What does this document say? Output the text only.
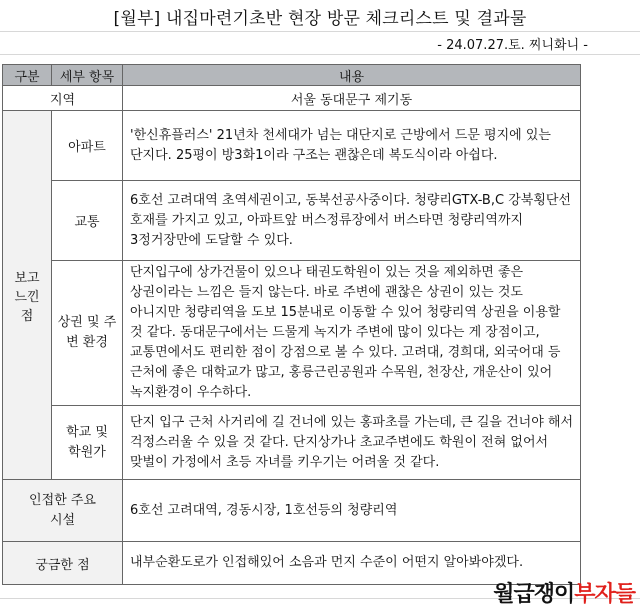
[월부] 내집마련기초반 현장 방문 체크리스트 및 결과물
- 24.07.27.토. 찌니화니 -
구분	세부 항목	내용
지역		서울 동대문구 제기동
보고 느낀 점	아파트	'한신휴플러스' 21년차 천세대가 넘는 대단지로 근방에서 드문 평지에 있는 단지다. 25평이 방3화1이라 구조는 괜찮은데 복도식이라 아쉽다.
	교통	6호선 고려대역 초역세권이고, 동북선공사중이다. 청량리GTX-B,C 강북횡단선 호재를 가지고 있고, 아파트앞 버스정류장에서 버스타면 청량리역까지 3정거장만에 도달할 수 있다.
	상권 및 주변 환경	단지입구에 상가건물이 있으나 태권도학원이 있는 것을 제외하면 좋은 상권이라는 느낌은 들지 않는다. 바로 주변에 괜찮은 상권이 있는 것도 아니지만 청량리역을 도보 15분내로 이동할 수 있어 청량리역 상권을 이용할 것 같다. 동대문구에서는 드물게 녹지가 주변에 많이 있다는 게 장점이고, 교통면에서도 편리한 점이 강점으로 볼 수 있다. 고려대, 경희대, 외국어대 등 근처에 좋은 대학교가 많고, 홍릉근린공원과 수목원, 천장산, 개운산이 있어 녹지환경이 우수하다.
	학교 및 학원가	단지 입구 근처 사거리에 길 건너에 있는 홍파초를 가는데, 큰 길을 건너야 해서 걱정스러울 수 있을 것 같다. 단지상가나 초교주변에도 학원이 전혀 없어서 맞벌이 가정에서 초등 자녀를 키우기는 어려울 것 같다.
인접한 주요 시설		6호선 고려대역, 경동시장, 1호선등의 청량리역
궁금한 점		내부순환도로가 인접해있어 소음과 먼지 수준이 어떤지 알아봐야겠다.
월급쟁이부자들
